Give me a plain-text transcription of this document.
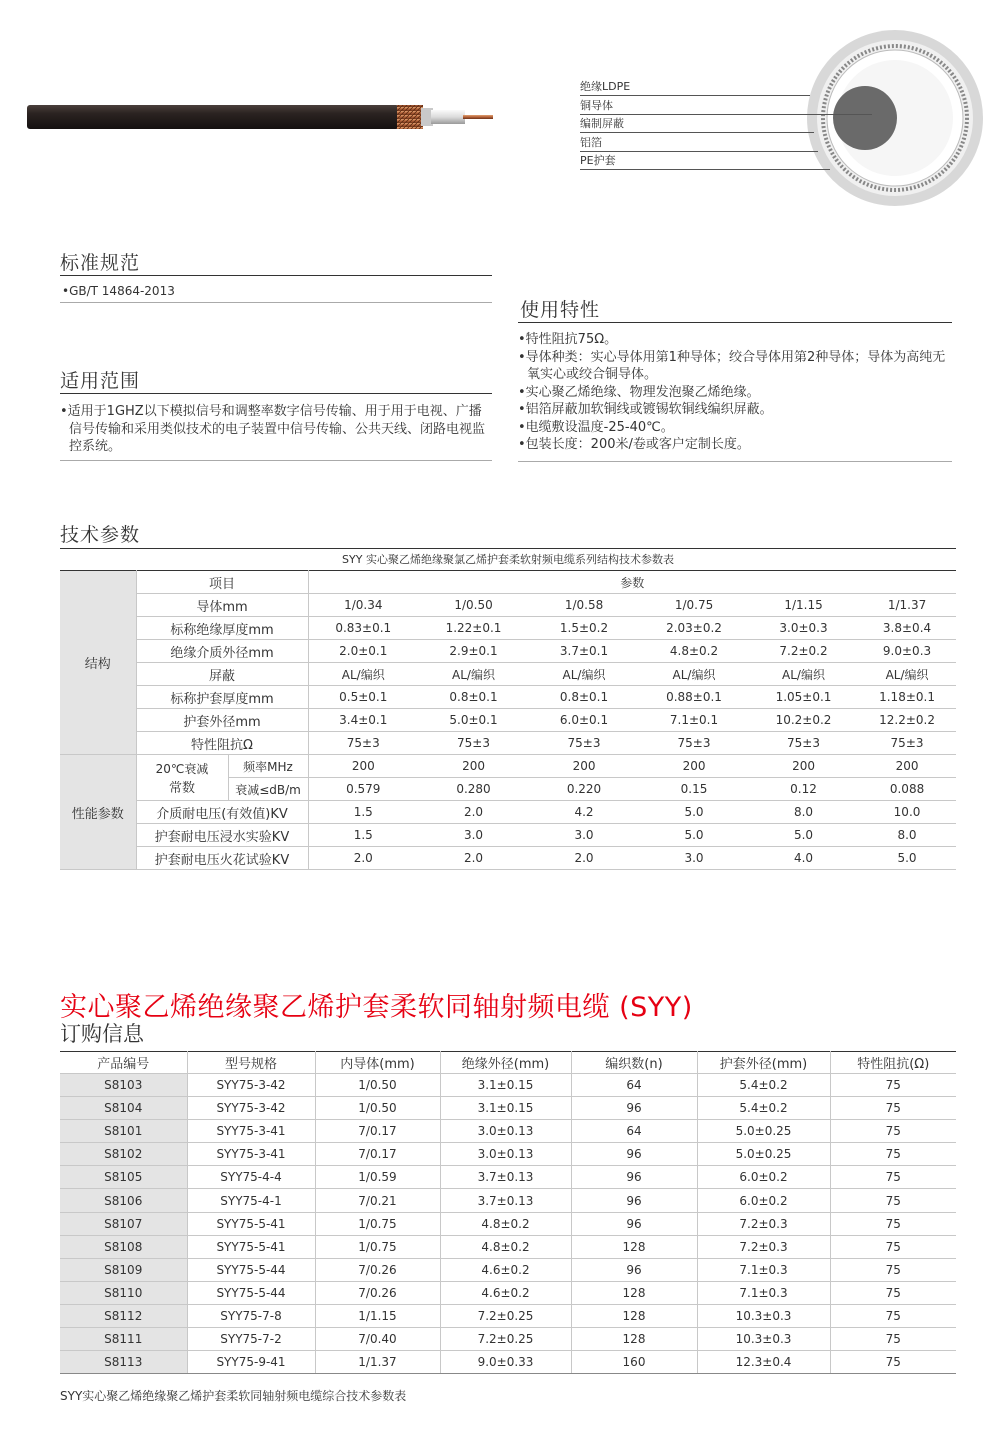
绝缘LDPE
铜导体
编制屏蔽
铝箔
PE护套
标准规范
• GB/T 14864-2013
使用特性
• 特性阻抗75Ω。
• 导体种类：实心导体用第1种导体；绞合导体用第2种导体；导体为高纯无氧实心或绞合铜导体。
• 实心聚乙烯绝缘、物理发泡聚乙烯绝缘。
• 铝箔屏蔽加软铜线或镀锡软铜线编织屏蔽。
• 电缆敷设温度-25-40℃。
• 包装长度：200米/卷或客户定制长度。
适用范围
• 适用于1GHZ以下模拟信号和调整率数字信号传输、用于用于电视、广播信号传输和采用类似技术的电子装置中信号传输、公共天线、闭路电视监控系统。
技术参数
SYY 实心聚乙烯绝缘聚氯乙烯护套柔软射频电缆系列结构技术参数表
结构	项目		参数					
	导体mm		1/0.34	1/0.50	1/0.58	1/0.75	1/1.15	1/1.37
	标称绝缘厚度mm		0.83±0.1	1.22±0.1	1.5±0.2	2.03±0.2	3.0±0.3	3.8±0.4
	绝缘介质外径mm		2.0±0.1	2.9±0.1	3.7±0.1	4.8±0.2	7.2±0.2	9.0±0.3
	屏蔽		AL/编织	AL/编织	AL/编织	AL/编织	AL/编织	AL/编织
	标称护套厚度mm		0.5±0.1	0.8±0.1	0.8±0.1	0.88±0.1	1.05±0.1	1.18±0.1
	护套外径mm		3.4±0.1	5.0±0.1	6.0±0.1	7.1±0.1	10.2±0.2	12.2±0.2
	特性阻抗Ω		75±3	75±3	75±3	75±3	75±3	75±3
性能参数	20℃衰减
常数	频率MHz	200	200	200	200	200	200
		衰减≤dB/m	0.579	0.280	0.220	0.15	0.12	0.088
	介质耐电压(有效值)KV		1.5	2.0	4.2	5.0	8.0	10.0
	护套耐电压浸水实验KV		1.5	3.0	3.0	5.0	5.0	8.0
	护套耐电压火花试验KV		2.0	2.0	2.0	3.0	4.0	5.0
实心聚乙烯绝缘聚乙烯护套柔软同轴射频电缆 (SYY)
订购信息
产品编号	型号规格	内导体(mm)	绝缘外径(mm)	编织数(n)	护套外径(mm)	特性阻抗(Ω)
S8103	SYY75-3-42	1/0.50	3.1±0.15	64	5.4±0.2	75
S8104	SYY75-3-42	1/0.50	3.1±0.15	96	5.4±0.2	75
S8101	SYY75-3-41	7/0.17	3.0±0.13	64	5.0±0.25	75
S8102	SYY75-3-41	7/0.17	3.0±0.13	96	5.0±0.25	75
S8105	SYY75-4-4	1/0.59	3.7±0.13	96	6.0±0.2	75
S8106	SYY75-4-1	7/0.21	3.7±0.13	96	6.0±0.2	75
S8107	SYY75-5-41	1/0.75	4.8±0.2	96	7.2±0.3	75
S8108	SYY75-5-41	1/0.75	4.8±0.2	128	7.2±0.3	75
S8109	SYY75-5-44	7/0.26	4.6±0.2	96	7.1±0.3	75
S8110	SYY75-5-44	7/0.26	4.6±0.2	128	7.1±0.3	75
S8112	SYY75-7-8	1/1.15	7.2±0.25	128	10.3±0.3	75
S8111	SYY75-7-2	7/0.40	7.2±0.25	128	10.3±0.3	75
S8113	SYY75-9-41	1/1.37	9.0±0.33	160	12.3±0.4	75
SYY实心聚乙烯绝缘聚乙烯护套柔软同轴射频电缆综合技术参数表
